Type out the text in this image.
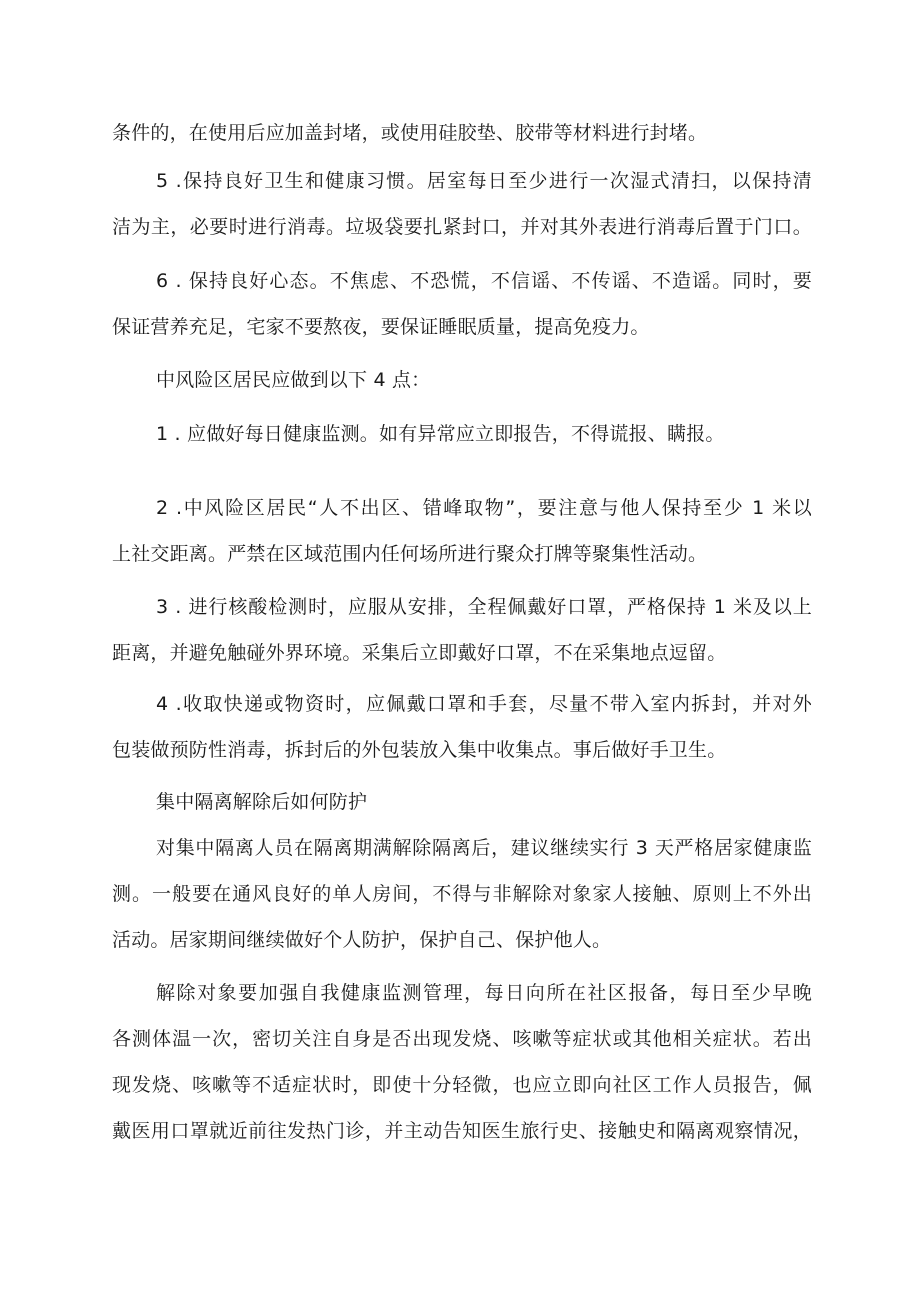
条件的，在使用后应加盖封堵，或使用硅胶垫、胶带等材料进行封堵。
5 .保持良好卫生和健康习惯。居室每日至少进行一次湿式清扫，以保持清
洁为主，必要时进行消毒。垃圾袋要扎紧封口，并对其外表进行消毒后置于门口。
6 . 保持良好心态。不焦虑、不恐慌，不信谣、不传谣、不造谣。同时，要
保证营养充足，宅家不要熬夜，要保证睡眠质量，提高免疫力。
中风险区居民应做到以下 4 点：
1 . 应做好每日健康监测。如有异常应立即报告，不得谎报、瞒报。
2 .中风险区居民“人不出区、错峰取物”，要注意与他人保持至少 1 米以
上社交距离。严禁在区域范围内任何场所进行聚众打牌等聚集性活动。
3 . 进行核酸检测时，应服从安排，全程佩戴好口罩，严格保持 1 米及以上
距离，并避免触碰外界环境。采集后立即戴好口罩，不在采集地点逗留。
4 .收取快递或物资时，应佩戴口罩和手套，尽量不带入室内拆封，并对外
包装做预防性消毒，拆封后的外包装放入集中收集点。事后做好手卫生。
集中隔离解除后如何防护
对集中隔离人员在隔离期满解除隔离后，建议继续实行 3 天严格居家健康监
测。一般要在通风良好的单人房间，不得与非解除对象家人接触、原则上不外出
活动。居家期间继续做好个人防护，保护自己、保护他人。
解除对象要加强自我健康监测管理，每日向所在社区报备，每日至少早晚
各测体温一次，密切关注自身是否出现发烧、咳嗽等症状或其他相关症状。若出
现发烧、咳嗽等不适症状时，即使十分轻微，也应立即向社区工作人员报告，佩
戴医用口罩就近前往发热门诊，并主动告知医生旅行史、接触史和隔离观察情况，
